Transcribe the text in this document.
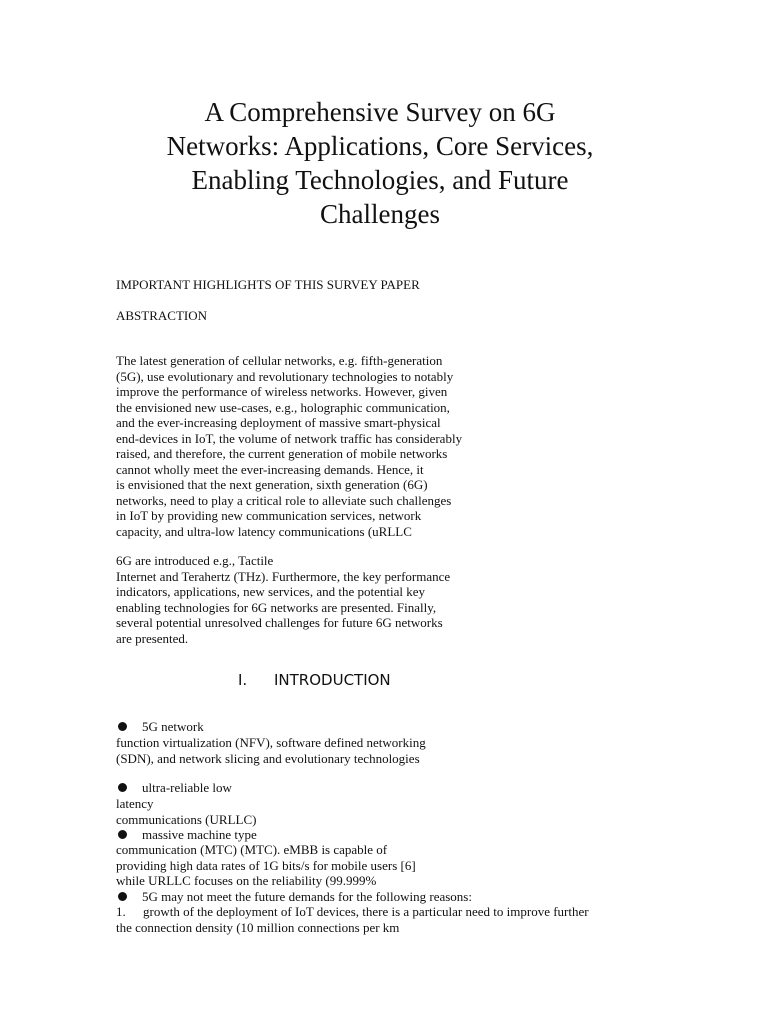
A Comprehensive Survey on 6G
Networks: Applications, Core Services,
Enabling Technologies, and Future
Challenges
IMPORTANT HIGHLIGHTS OF THIS SURVEY PAPER
ABSTRACTION
The latest generation of cellular networks, e.g. fifth-generation
(5G), use evolutionary and revolutionary technologies to notably
improve the performance of wireless networks. However, given
the envisioned new use-cases, e.g., holographic communication,
and the ever-increasing deployment of massive smart-physical
end-devices in IoT, the volume of network traffic has considerably
raised, and therefore, the current generation of mobile networks
cannot wholly meet the ever-increasing demands. Hence, it
is envisioned that the next generation, sixth generation (6G)
networks, need to play a critical role to alleviate such challenges
in IoT by providing new communication services, network
capacity, and ultra-low latency communications (uRLLC
6G are introduced e.g., Tactile
Internet and Terahertz (THz). Furthermore, the key performance
indicators, applications, new services, and the potential key
enabling technologies for 6G networks are presented. Finally,
several potential unresolved challenges for future 6G networks
are presented.
I. INTRODUCTION
5G network
function virtualization (NFV), software defined networking
(SDN), and network slicing and evolutionary technologies
ultra-reliable low
latency
communications (URLLC)
massive machine type
communication (MTC) (MTC). eMBB is capable of
providing high data rates of 1G bits/s for mobile users [6]
while URLLC focuses on the reliability (99.999%
5G may not meet the future demands for the following reasons:
1. growth of the deployment of IoT devices, there is a particular need to improve further
the connection density (10 million connections per km
